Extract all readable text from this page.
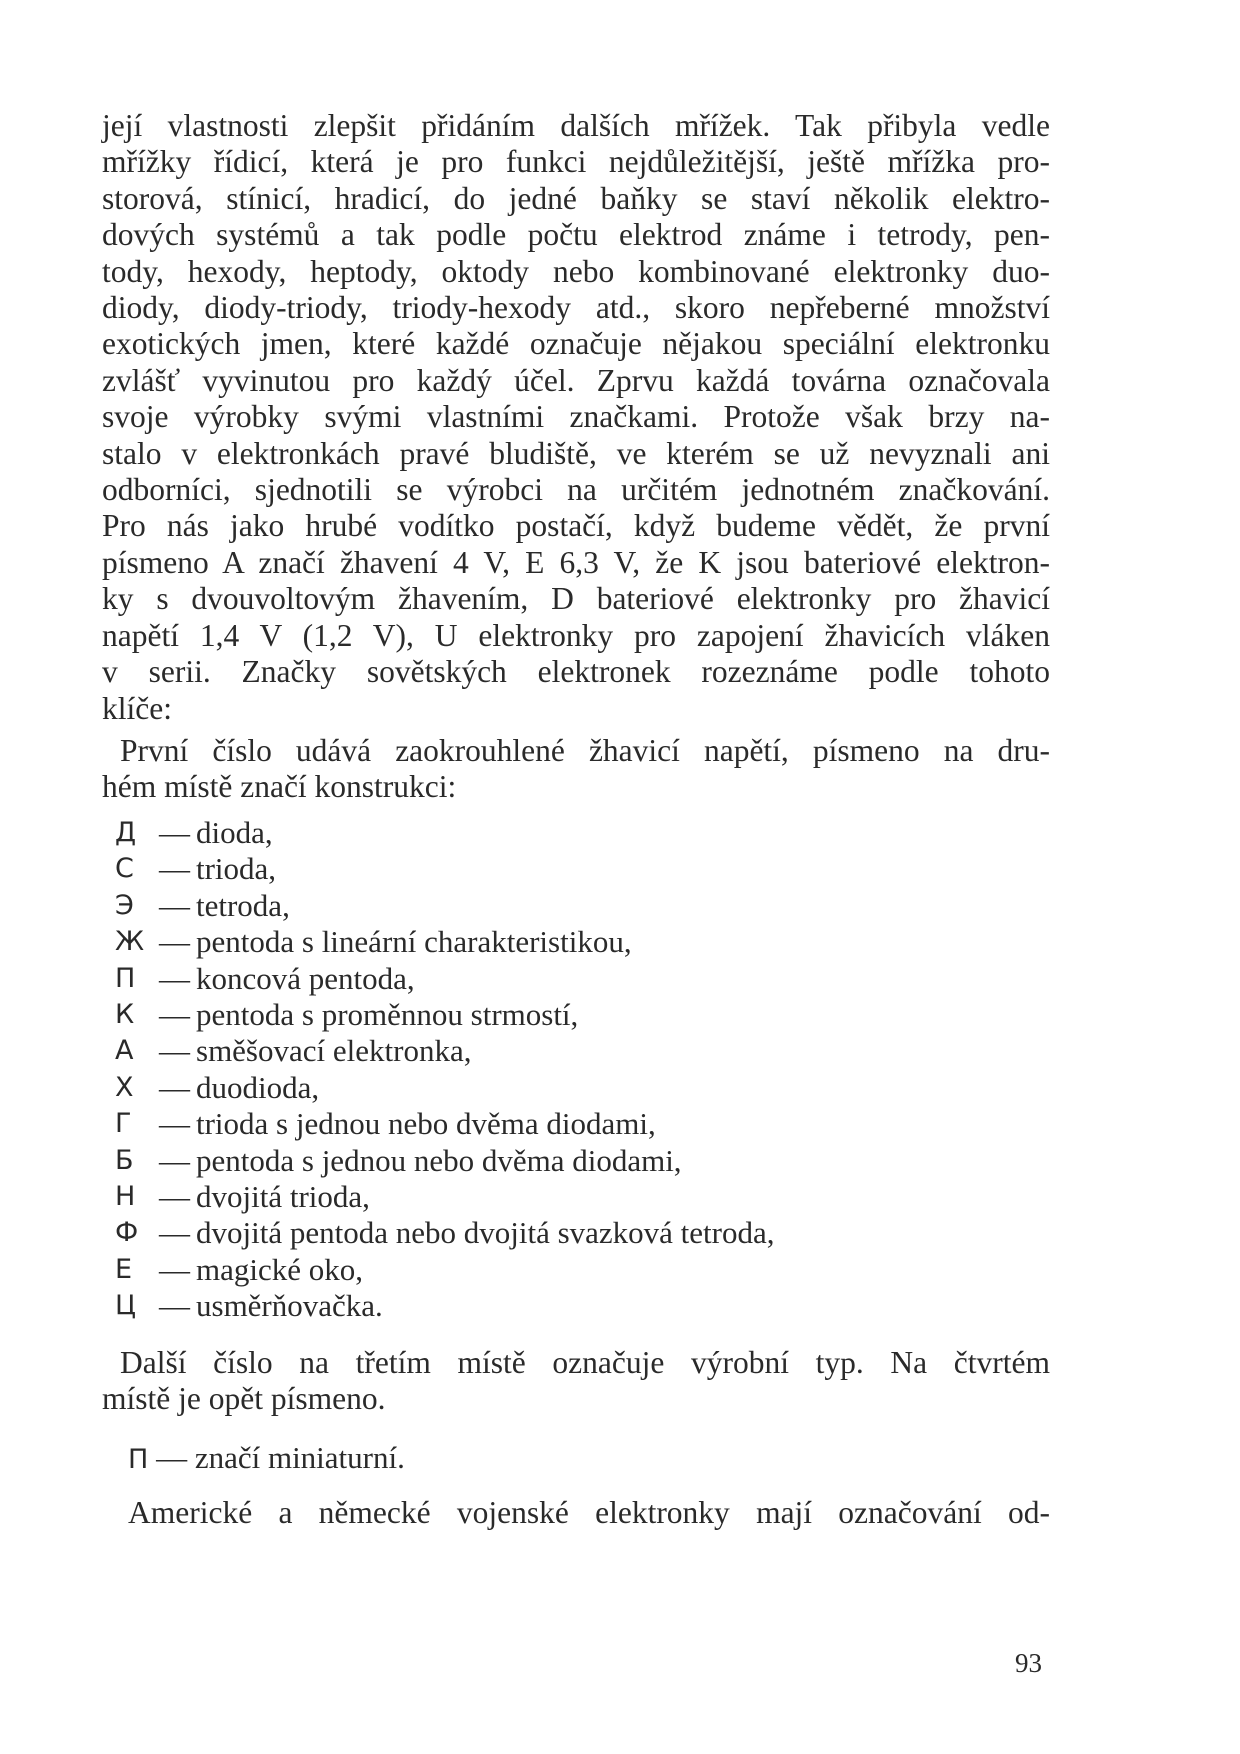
její vlastnosti zlepšit přidáním dalších mřížek. Tak přibyla vedle
mřížky řídicí, která je pro funkci nejdůležitější, ještě mřížka pro-
storová, stínicí, hradicí, do jedné baňky se staví několik elektro-
dových systémů a tak podle počtu elektrod známe i tetrody, pen-
tody, hexody, heptody, oktody nebo kombinované elektronky duo-
diody, diody-triody, triody-hexody atd., skoro nepřeberné množství
exotických jmen, které každé označuje nějakou speciální elektronku
zvlášť vyvinutou pro každý účel. Zprvu každá továrna označovala
svoje výrobky svými vlastními značkami. Protože však brzy na-
stalo v elektronkách pravé bludiště, ve kterém se už nevyznali ani
odborníci, sjednotili se výrobci na určitém jednotném značkování.
Pro nás jako hrubé vodítko postačí, když budeme vědět, že první
písmeno A značí žhavení 4 V, E 6,3 V, že K jsou bateriové elektron-
ky s dvouvoltovým žhavením, D bateriové elektronky pro žhavicí
napětí 1,4 V (1,2 V), U elektronky pro zapojení žhavicích vláken
v serii. Značky sovětských elektronek rozeznáme podle tohoto
klíče:
První číslo udává zaokrouhlené žhavicí napětí, písmeno na dru-
hém místě značí konstrukci:
Д — dioda,
С — trioda,
Э — tetroda,
Ж — pentoda s lineární charakteristikou,
П — koncová pentoda,
К — pentoda s proměnnou strmostí,
А — směšovací elektronka,
Х — duodioda,
Г — trioda s jednou nebo dvěma diodami,
Б — pentoda s jednou nebo dvěma diodami,
Н — dvojitá trioda,
Ф — dvojitá pentoda nebo dvojitá svazková tetroda,
Е — magické oko,
Ц — usměrňovačka.
Další číslo na třetím místě označuje výrobní typ. Na čtvrtém
místě je opět písmeno.
П — značí miniaturní.
Americké a německé vojenské elektronky mají označování od-
93
